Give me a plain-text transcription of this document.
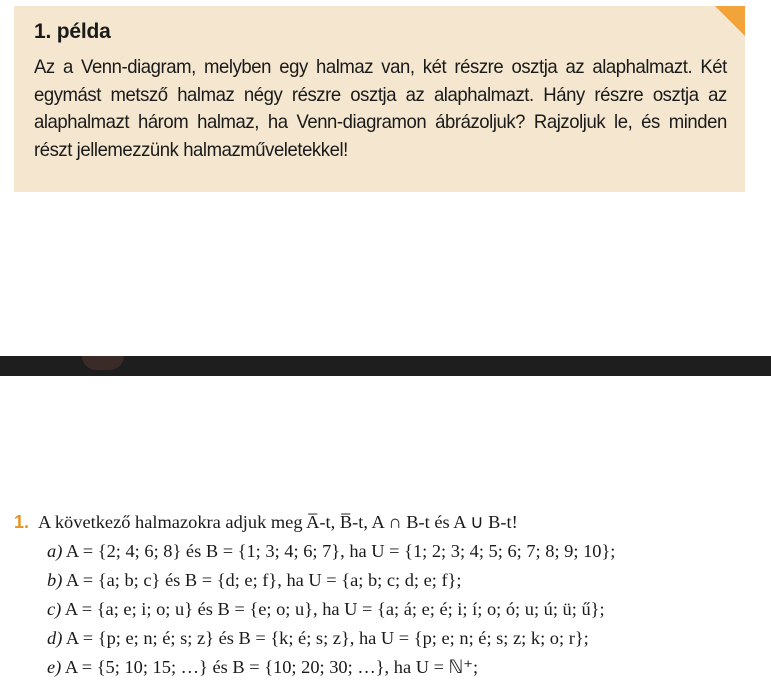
1. példa

Az a Venn-diagram, melyben egy halmaz van, két részre osztja az alaphalmazt. Két egymást metsző halmaz négy részre osztja az alaphalmazt. Hány részre osztja az alaphalmazt három halmaz, ha Venn-diagramon ábrázoljuk? Rajzoljuk le, és minden részt jellemezzünk halmazműveletekkel!

1. A következő halmazokra adjuk meg A̅-t, B̅-t, A ∩ B-t és A ∪ B-t!
a) A = {2; 4; 6; 8} és B = {1; 3; 4; 6; 7}, ha U = {1; 2; 3; 4; 5; 6; 7; 8; 9; 10};
b) A = {a; b; c} és B = {d; e; f}, ha U = {a; b; c; d; e; f};
c) A = {a; e; i; o; u} és B = {e; o; u}, ha U = {a; á; e; é; i; í; o; ó; u; ú; ü; ű};
d) A = {p; e; n; é; s; z} és B = {k; é; s; z}, ha U = {p; e; n; é; s; z; k; o; r};
e) A = {5; 10; 15; …} és B = {10; 20; 30; …}, ha U = ℕ⁺;
